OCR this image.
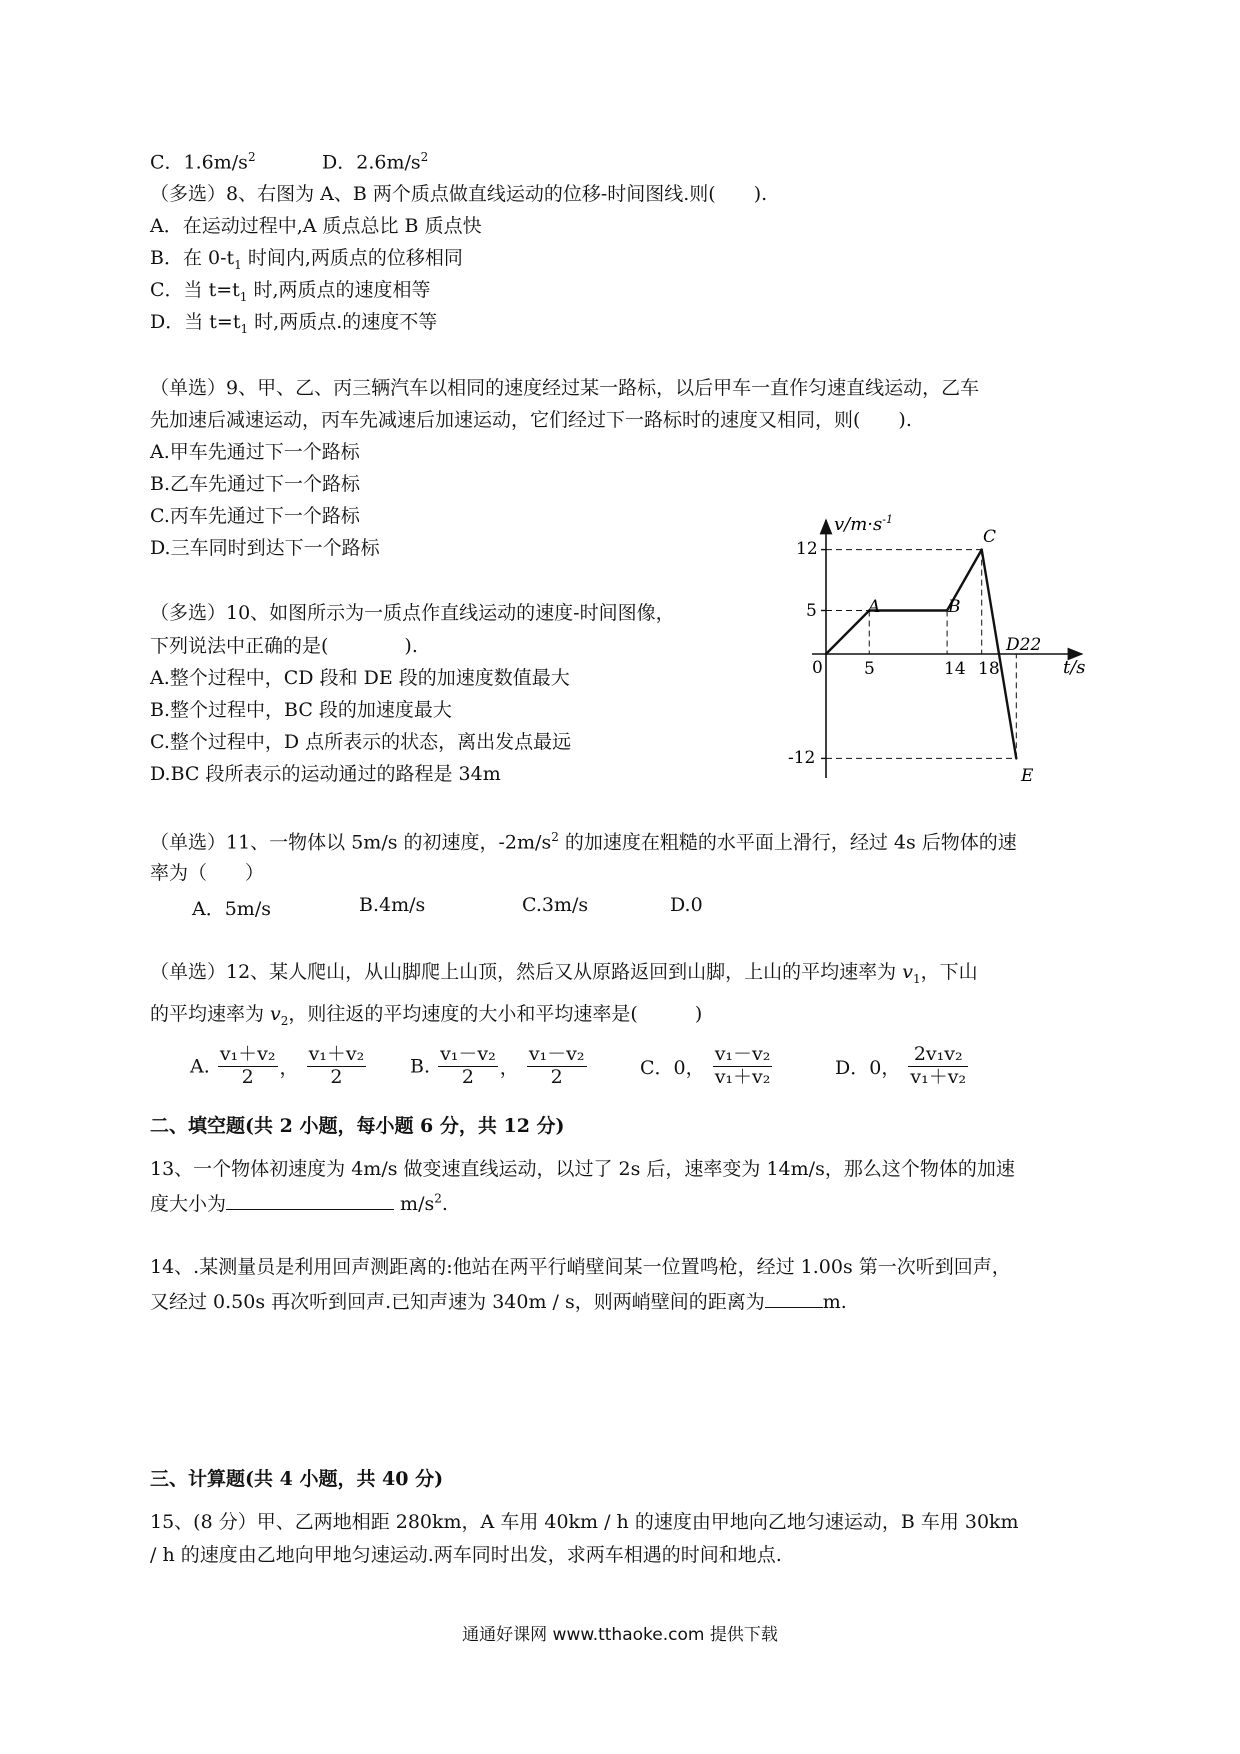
C．$1.6m/s^2$	D．$2.6m/s^2$
（多选）8、右图为 A、B 两个质点做直线运动的位移-时间图线.则(　　).
A．在运动过程中,A 质点总比 B 质点快
B．在 $0-t_1$ 时间内,两质点的位移相同
C．当 $t=t_1$ 时,两质点的速度相等
D．当 $t=t_1$ 时,两质点.的速度不等
（单选）9、甲、乙、丙三辆汽车以相同的速度经过某一路标，以后甲车一直作匀速直线运动，乙车
先加速后减速运动，丙车先减速后加速运动，它们经过下一路标时的速度又相同，则(　　).
A.甲车先通过下一个路标
B.乙车先通过下一个路标
C.丙车先通过下一个路标
D.三车同时到达下一个路标
（多选）10、如图所示为一质点作直线运动的速度-时间图像，
下列说法中正确的是(　　　　).
A.整个过程中，CD 段和 DE 段的加速度数值最大
B.整个过程中，BC 段的加速度最大
C.整个过程中，D 点所表示的状态，离出发点最远
D.BC 段所表示的运动通过的路程是 34m
$v/m\cdot s^{-1}$
t/s
0
12
5
-12
5	14 18
A	B
C
D22
E
（单选）11、一物体以 5m/s 的初速度，$-2m/s^2$ 的加速度在粗糙的水平面上滑行，经过 4s 后物体的速
率为（　　）
A．5m/s	B.4m/s	C.3m/s	D.0
（单选）12、某人爬山，从山脚爬上山顶，然后又从原路返回到山脚，上山的平均速率为 $v_1$，下山
的平均速率为 $v_2$，则往返的平均速度的大小和平均速率是(　　　)
A. $\frac{\text{v₁＋v₂}}{2}$ ， $\frac{\text{v₁＋v₂}}{2} B$. $\frac{\text{v₁－v₂}}{2}$ ， $\frac{\text{v₁－v₂}}{2}$	C．0， $\frac{\text{v₁－v₂}}{\text{v₁＋v₂}}$	D．0， $\frac{\text{2v₁v₂}}{\text{v₁＋v₂}}$
二、填空题(共 2 小题，每小题 6 分，共 12 分)
13、一个物体初速度为 4m/s 做变速直线运动，以过了 2s 后，速率变为 14m/s，那么这个物体的加速
度大小为	$m/s^2$.
14、.某测量员是利用回声测距离的:他站在两平行峭壁间某一位置鸣枪，经过 1.00s 第一次听到回声，
又经过 0.50s 再次听到回声.已知声速为 340m / s，则两峭壁间的距离为	m.
三、计算题(共 4 小题，共 40 分)
15、(8 分）甲、乙两地相距 280km，A 车用 40km / h 的速度由甲地向乙地匀速运动，B 车用 30km
/ h 的速度由乙地向甲地匀速运动.两车同时出发，求两车相遇的时间和地点.
通通好课网 www.tthaoke.com 提供下载
